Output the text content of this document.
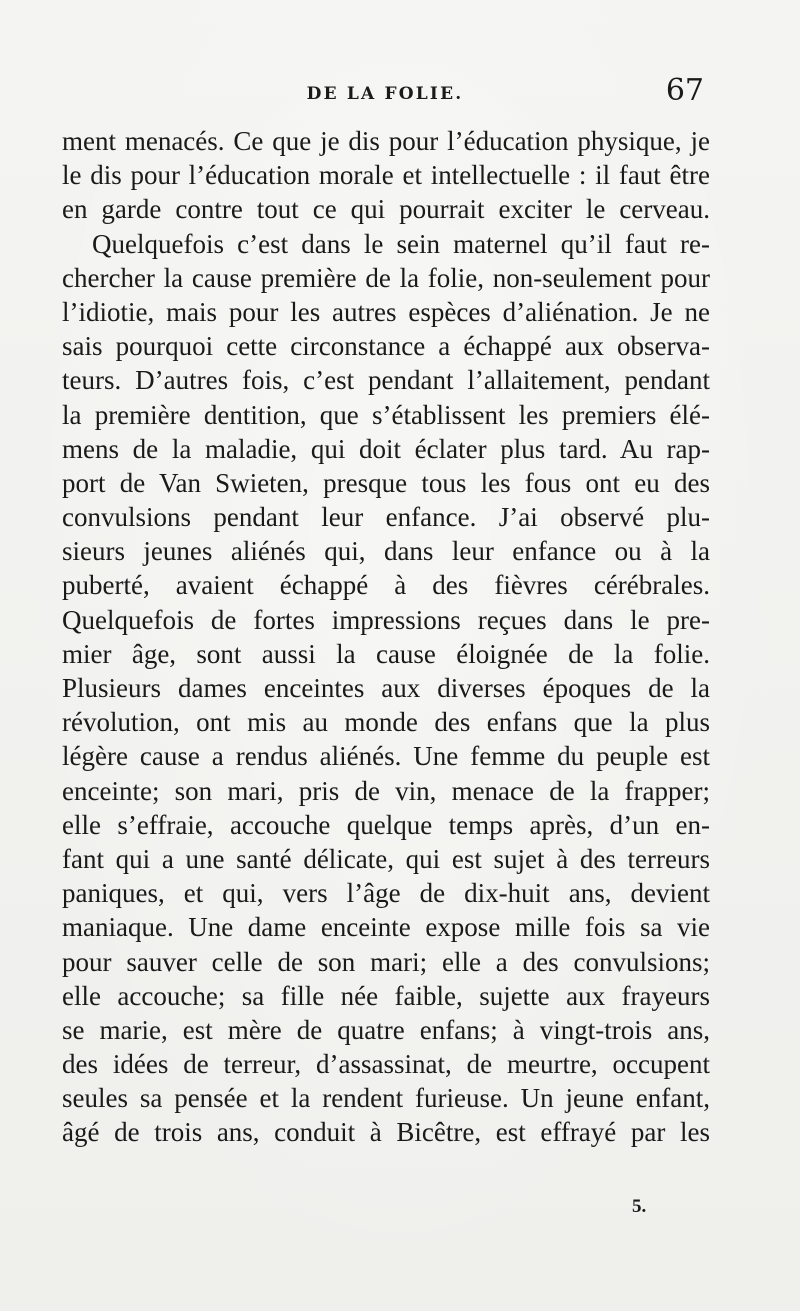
DE LA FOLIE.	67
ment menacés. Ce que je dis pour l’éducation physique, je
le dis pour l’éducation morale et intellectuelle : il faut être
en garde contre tout ce qui pourrait exciter le cerveau.
Quelquefois c’est dans le sein maternel qu’il faut re-
chercher la cause première de la folie, non-seulement pour
l’idiotie, mais pour les autres espèces d’aliénation. Je ne
sais pourquoi cette circonstance a échappé aux observa-
teurs. D’autres fois, c’est pendant l’allaitement, pendant
la première dentition, que s’établissent les premiers élé-
mens de la maladie, qui doit éclater plus tard. Au rap-
port de Van Swieten, presque tous les fous ont eu des
convulsions pendant leur enfance. J’ai observé plu-
sieurs jeunes aliénés qui, dans leur enfance ou à la
puberté, avaient échappé à des fièvres cérébrales.
Quelquefois de fortes impressions reçues dans le pre-
mier âge, sont aussi la cause éloignée de la folie.
Plusieurs dames enceintes aux diverses époques de la
révolution, ont mis au monde des enfans que la plus
légère cause a rendus aliénés. Une femme du peuple est
enceinte; son mari, pris de vin, menace de la frapper;
elle s’effraie, accouche quelque temps après, d’un en-
fant qui a une santé délicate, qui est sujet à des terreurs
paniques, et qui, vers l’âge de dix-huit ans, devient
maniaque. Une dame enceinte expose mille fois sa vie
pour sauver celle de son mari; elle a des convulsions;
elle accouche; sa fille née faible, sujette aux frayeurs
se marie, est mère de quatre enfans; à vingt-trois ans,
des idées de terreur, d’assassinat, de meurtre, occupent
seules sa pensée et la rendent furieuse. Un jeune enfant,
âgé de trois ans, conduit à Bicêtre, est effrayé par les
5.
